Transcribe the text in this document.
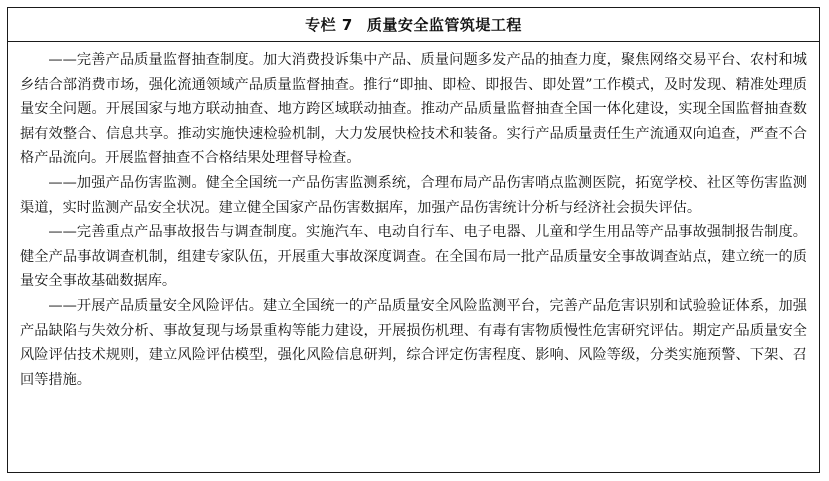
专栏 7 质量安全监管筑堤工程

——完善产品质量监督抽查制度。加大消费投诉集中产品、质量问题多发产品的抽查力度，聚焦网络交易平台、农村和城乡结合部消费市场，强化流通领域产品质量监督抽查。推行“即抽、即检、即报告、即处置”工作模式，及时发现、精准处理质量安全问题。开展国家与地方联动抽查、地方跨区域联动抽查。推动产品质量监督抽查全国一体化建设，实现全国监督抽查数据有效整合、信息共享。推动实施快速检验机制，大力发展快检技术和装备。实行产品质量责任生产流通双向追查，严查不合格产品流向。开展监督抽查不合格结果处理督导检查。

——加强产品伤害监测。健全全国统一产品伤害监测系统，合理布局产品伤害哨点监测医院，拓宽学校、社区等伤害监测渠道，实时监测产品安全状况。建立健全国家产品伤害数据库，加强产品伤害统计分析与经济社会损失评估。

——完善重点产品事故报告与调查制度。实施汽车、电动自行车、电子电器、儿童和学生用品等产品事故强制报告制度。健全产品事故调查机制，组建专家队伍，开展重大事故深度调查。在全国布局一批产品质量安全事故调查站点，建立统一的质量安全事故基础数据库。

——开展产品质量安全风险评估。建立全国统一的产品质量安全风险监测平台，完善产品危害识别和试验验证体系，加强产品缺陷与失效分析、事故复现与场景重构等能力建设，开展损伤机理、有毒有害物质慢性危害研究评估。期定产品质量安全风险评估技术规则，建立风险评估模型，强化风险信息研判，综合评定伤害程度、影响、风险等级，分类实施预警、下架、召回等措施。
